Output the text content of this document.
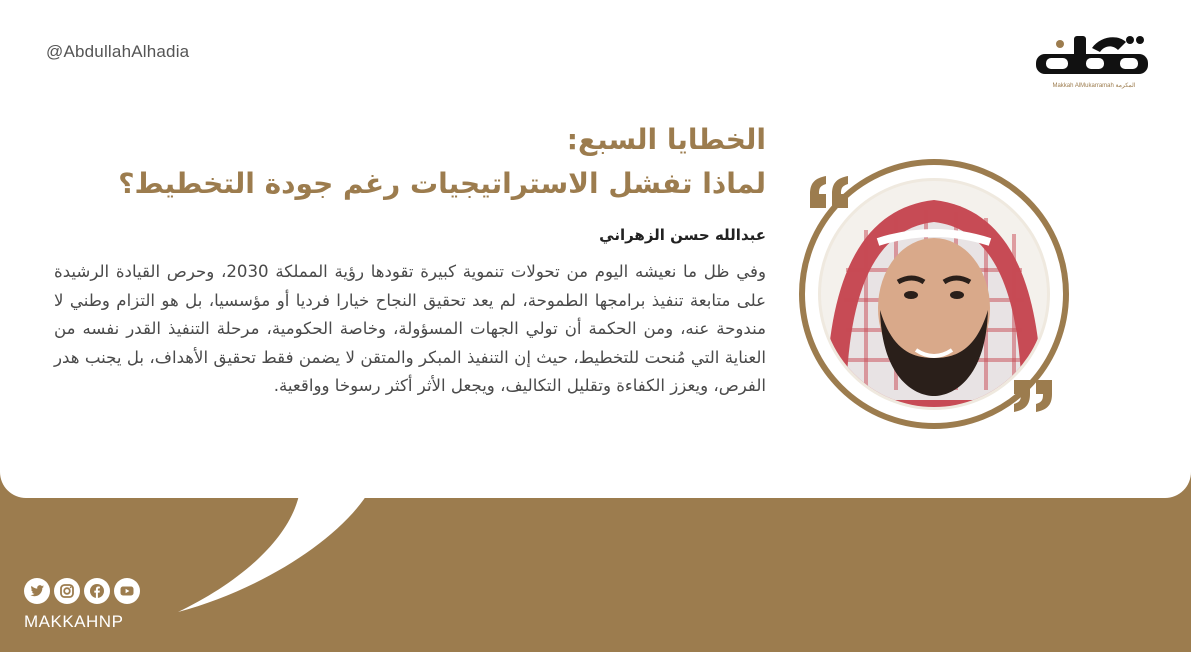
@AbdullahAlhadia
Makkah AlMukarramah المكرمة
الخطايا السبع:
لماذا تفشل الاستراتيجيات رغم جودة التخطيط؟
عبدالله حسن الزهراني

وفي ظل ما نعيشه اليوم من تحولات تنموية كبيرة تقودها رؤية المملكة 2030، وحرص القيادة الرشيدة على متابعة تنفيذ برامجها الطموحة، لم يعد تحقيق النجاح خيارا فرديا أو مؤسسيا، بل هو التزام وطني لا مندوحة عنه، ومن الحكمة أن تولي الجهات المسؤولة، وخاصة الحكومية، مرحلة التنفيذ القدر نفسه من العناية التي مُنحت للتخطيط، حيث إن التنفيذ المبكر والمتقن لا يضمن فقط تحقيق الأهداف، بل يجنب هدر الفرص، ويعزز الكفاءة وتقليل التكاليف، ويجعل الأثر أكثر رسوخا وواقعية.

MAKKAHNP
